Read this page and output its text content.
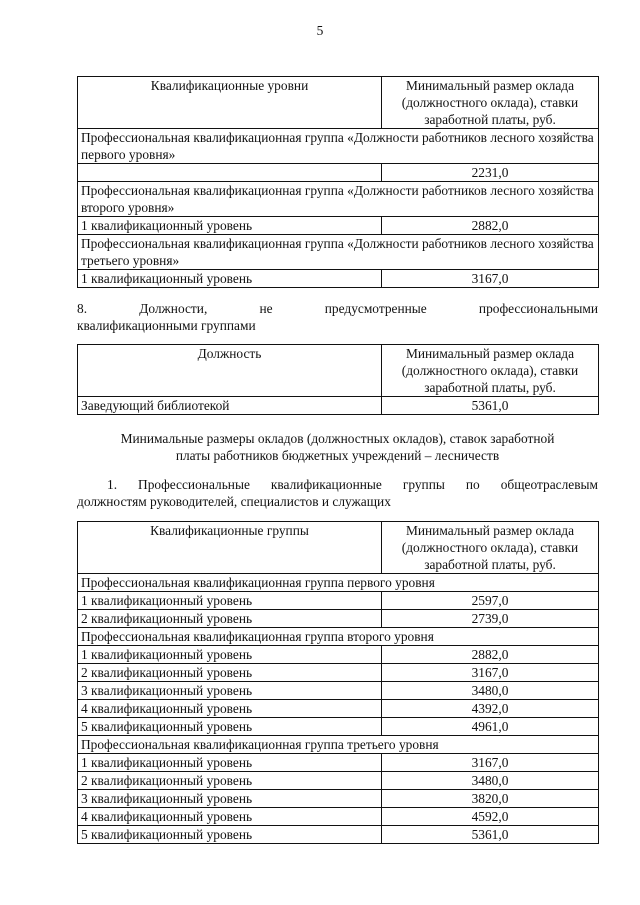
5
Квалификационные уровни	Минимальный размер оклада (должностного оклада), ставки заработной платы, руб.
Профессиональная квалификационная группа «Должности работников лесного хозяйства первого уровня»	
	2231,0
Профессиональная квалификационная группа «Должности работников лесного хозяйства второго уровня»	
1 квалификационный уровень	2882,0
Профессиональная квалификационная группа «Должности работников лесного хозяйства третьего уровня»	
1 квалификационный уровень	3167,0
8. Должности, не предусмотренные профессиональными
квалификационными группами
Должность	Минимальный размер оклада (должностного оклада), ставки заработной платы, руб.
Заведующий библиотекой	5361,0
Минимальные размеры окладов (должностных окладов), ставок заработной
платы работников бюджетных учреждений – лесничеств
1. Профессиональные квалификационные группы по общеотраслевым
должностям руководителей, специалистов и служащих
Квалификационные группы	Минимальный размер оклада (должностного оклада), ставки заработной платы, руб.
Профессиональная квалификационная группа первого уровня	
1 квалификационный уровень	2597,0
2 квалификационный уровень	2739,0
Профессиональная квалификационная группа второго уровня	
1 квалификационный уровень	2882,0
2 квалификационный уровень	3167,0
3 квалификационный уровень	3480,0
4 квалификационный уровень	4392,0
5 квалификационный уровень	4961,0
Профессиональная квалификационная группа третьего уровня	
1 квалификационный уровень	3167,0
2 квалификационный уровень	3480,0
3 квалификационный уровень	3820,0
4 квалификационный уровень	4592,0
5 квалификационный уровень	5361,0
